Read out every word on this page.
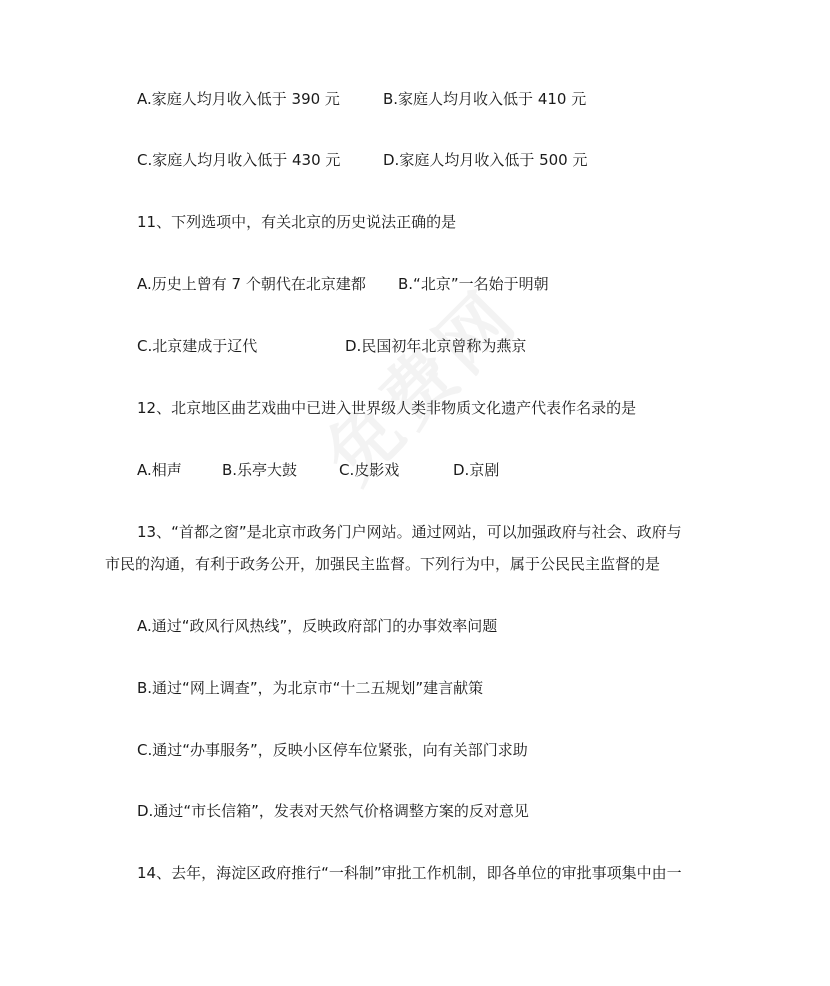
A.家庭人均月收入低于 390 元	B.家庭人均月收入低于 410 元
C.家庭人均月收入低于 430 元	D.家庭人均月收入低于 500 元
11、下列选项中，有关北京的历史说法正确的是
A.历史上曾有 7 个朝代在北京建都 B.“北京”一名始于明朝
C.北京建成于辽代	D.民国初年北京曾称为燕京
12、北京地区曲艺戏曲中已进入世界级人类非物质文化遗产代表作名录的是
A.相声	B.乐亭大鼓	C.皮影戏	D.京剧
13、“首都之窗”是北京市政务门户网站。通过网站，可以加强政府与社会、政府与
市民的沟通，有利于政务公开，加强民主监督。下列行为中，属于公民民主监督的是
A.通过“政风行风热线”，反映政府部门的办事效率问题
B.通过“网上调查”，为北京市“十二五规划”建言献策
C.通过“办事服务”，反映小区停车位紧张，向有关部门求助
D.通过“市长信箱”，发表对天然气价格调整方案的反对意见
14、去年，海淀区政府推行“一科制”审批工作机制，即各单位的审批事项集中由一
